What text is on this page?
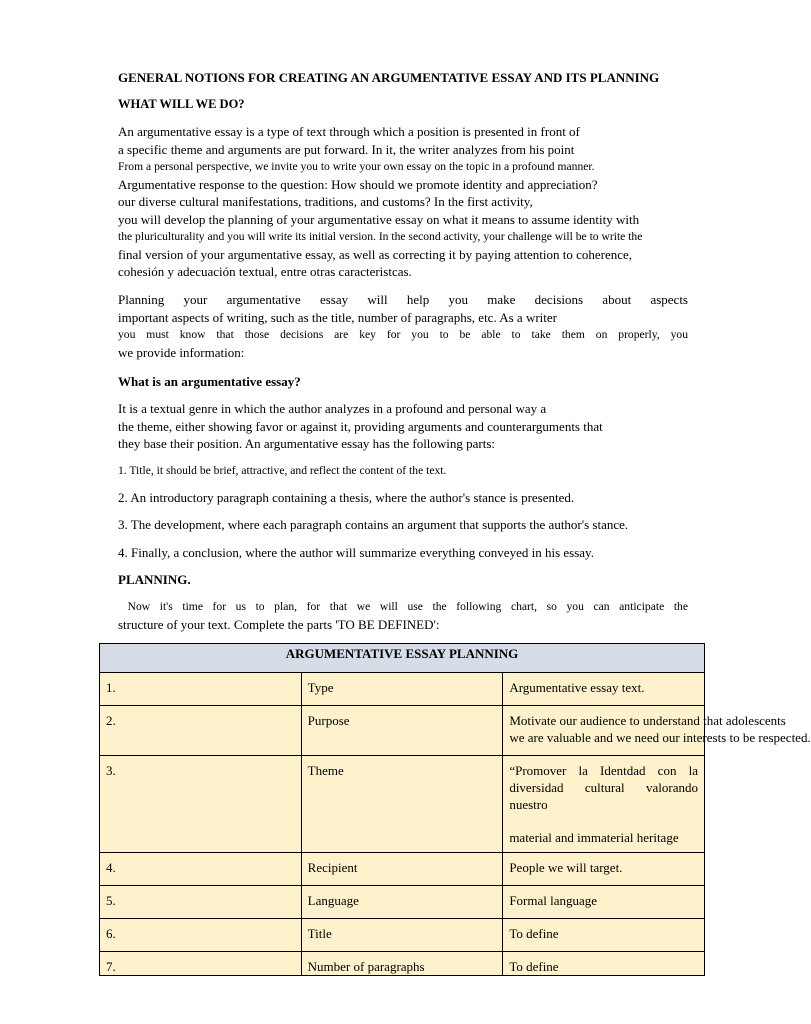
GENERAL NOTIONS FOR CREATING AN ARGUMENTATIVE ESSAY AND ITS PLANNING
WHAT WILL WE DO?
An argumentative essay is a type of text through which a position is presented in front of
a specific theme and arguments are put forward. In it, the writer analyzes from his point
From a personal perspective, we invite you to write your own essay on the topic in a profound manner.
Argumentative response to the question: How should we promote identity and appreciation?
our diverse cultural manifestations, traditions, and customs? In the first activity,
you will develop the planning of your argumentative essay on what it means to assume identity with
the pluriculturality and you will write its initial version. In the second activity, your challenge will be to write the
final version of your argumentative essay, as well as correcting it by paying attention to coherence,
cohesión y adecuación textual, entre otras caracteristcas.
Planning your argumentative essay will help you make decisions about aspects
important aspects of writing, such as the title, number of paragraphs, etc. As a writer
you must know that those decisions are key for you to be able to take them on properly, you
we provide information:
What is an argumentative essay?
It is a textual genre in which the author analyzes in a profound and personal way a
the theme, either showing favor or against it, providing arguments and counterarguments that
they base their position. An argumentative essay has the following parts:
1. Title, it should be brief, attractive, and reflect the content of the text.
2. An introductory paragraph containing a thesis, where the author's stance is presented.
3. The development, where each paragraph contains an argument that supports the author's stance.
4. Finally, a conclusion, where the author will summarize everything conveyed in his essay.
PLANNING.
Now it's time for us to plan, for that we will use the following chart, so you can anticipate the
structure of your text. Complete the parts 'TO BE DEFINED':
ARGUMENTATIVE ESSAY PLANNING		
1.	Type	Argumentative essay text.

2.	Purpose	Motivate our audience to understand that adolescents
we are valuable and we need our interests to be respected.

3.	Theme	“Promover la Identdad con la diversidad cultural valorando nuestro
material and immaterial heritage

4.	Recipient	People we will target.

5.	Language	Formal language

6.	Title	To define

7.	Number of paragraphs	To define
